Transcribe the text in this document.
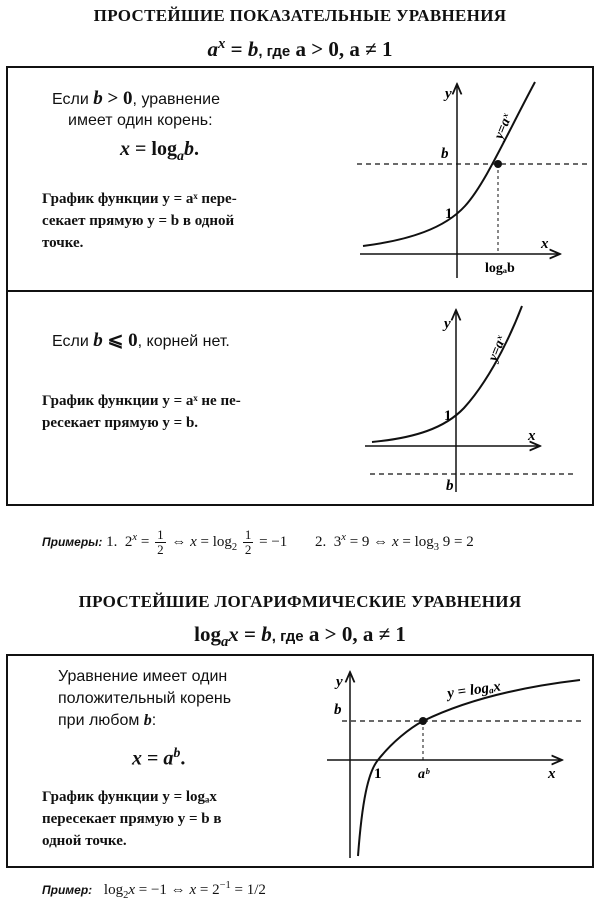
ПРОСТЕЙШИЕ ПОКАЗАТЕЛЬНЫЕ УРАВНЕНИЯ
$a^x = b$, где a > 0, a ≠ 1
Если b > 0, уравнение
имеет один корень:
$x = \log_ab$.
График функции y = aˣ пере-
секает прямую y = b в одной
точке.
y
x
b
1
y=aˣ
logₐb
Если b ⩽ 0, корней нет.
График функции y = aˣ не пе-
ресекает прямую y = b.
y
x
b
1
y=aˣ
Примеры: 1.  $2^x = \frac{1}{2}$ ⇔ $x = \log_2 \frac{1}{2} = -1$ 2.  $3^x = 9$ ⇔ $x = \log_3 9 = 2$
ПРОСТЕЙШИЕ ЛОГАРИФМИЧЕСКИЕ УРАВНЕНИЯ
$\log_ax = b$, где a > 0, a ≠ 1
Уравнение имеет один
положительный корень
при любом b:
$x = a^b$.
График функции y = logₐx
пересекает прямую y = b в
одной точке.
y
x
b
1
y = logₐx
aᵇ
Пример: $\log_2x = -1$ ⇔ $x = 2^{-1} = 1/2$
